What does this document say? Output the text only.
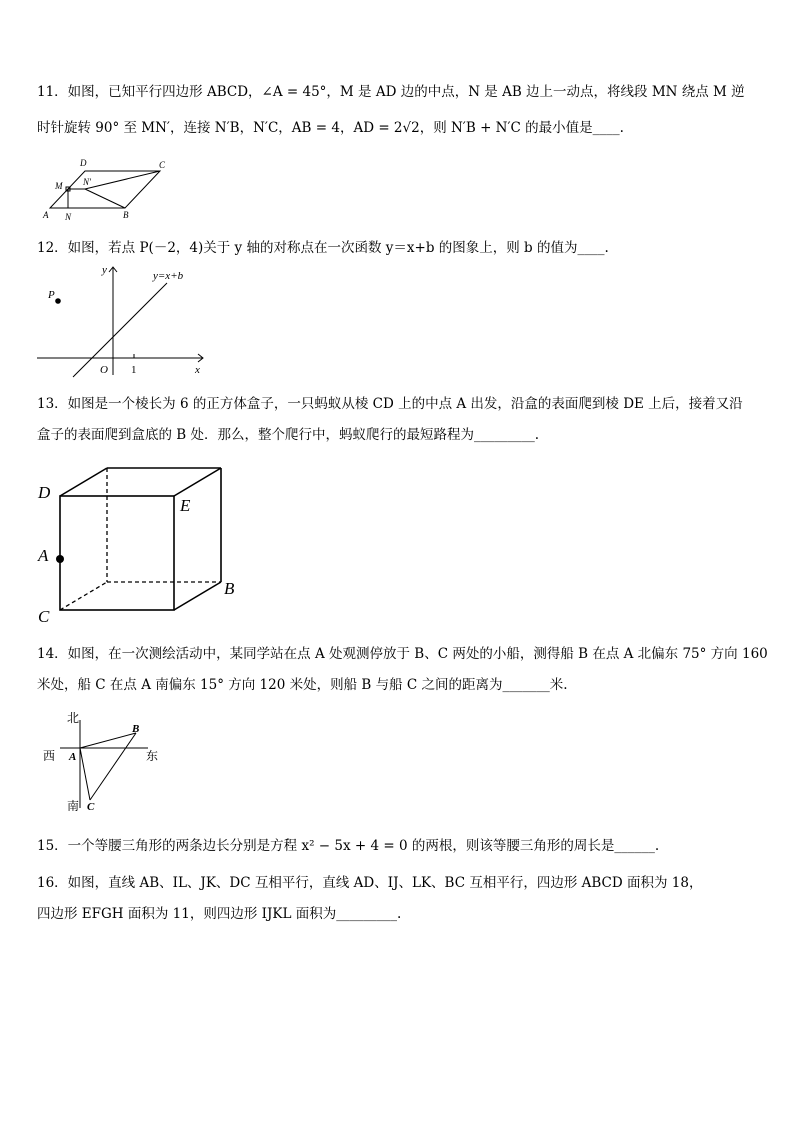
11．如图，已知平行四边形 ABCD，∠A = 45°，M 是 AD 边的中点，N 是 AB 边上一动点，将线段 MN 绕点 M 逆
时针旋转 90° 至 MN′，连接 N′B，N′C，AB = 4，AD = 2√2，则 N′B + N′C 的最小值是____.
A	B
C
D
M
N
N′
12．如图，若点 P(－2，4)关于 y 轴的对称点在一次函数 y＝x+b 的图象上，则 b 的值为____.
y
x
O
P
y=x+b
1
13．如图是一个棱长为 6 的正方体盒子，一只蚂蚁从棱 CD 上的中点 A 出发，沿盒的表面爬到棱 DE 上后，接着又沿
盒子的表面爬到盒底的 B 处．那么，整个爬行中，蚂蚁爬行的最短路程为_________.
D
E
A
B
C
14．如图，在一次测绘活动中，某同学站在点 A 处观测停放于 B、C 两处的小船，测得船 B 在点 A 北偏东 75° 方向 160
米处，船 C 在点 A 南偏东 15° 方向 120 米处，则船 B 与船 C 之间的距离为_______米.
北
南
西	东
A
B
C
15．一个等腰三角形的两条边长分别是方程 x² − 5x + 4 = 0 的两根，则该等腰三角形的周长是______.
16．如图，直线 AB、IL、JK、DC 互相平行，直线 AD、IJ、LK、BC 互相平行，四边形 ABCD 面积为 18，
四边形 EFGH 面积为 11，则四边形 IJKL 面积为_________.
